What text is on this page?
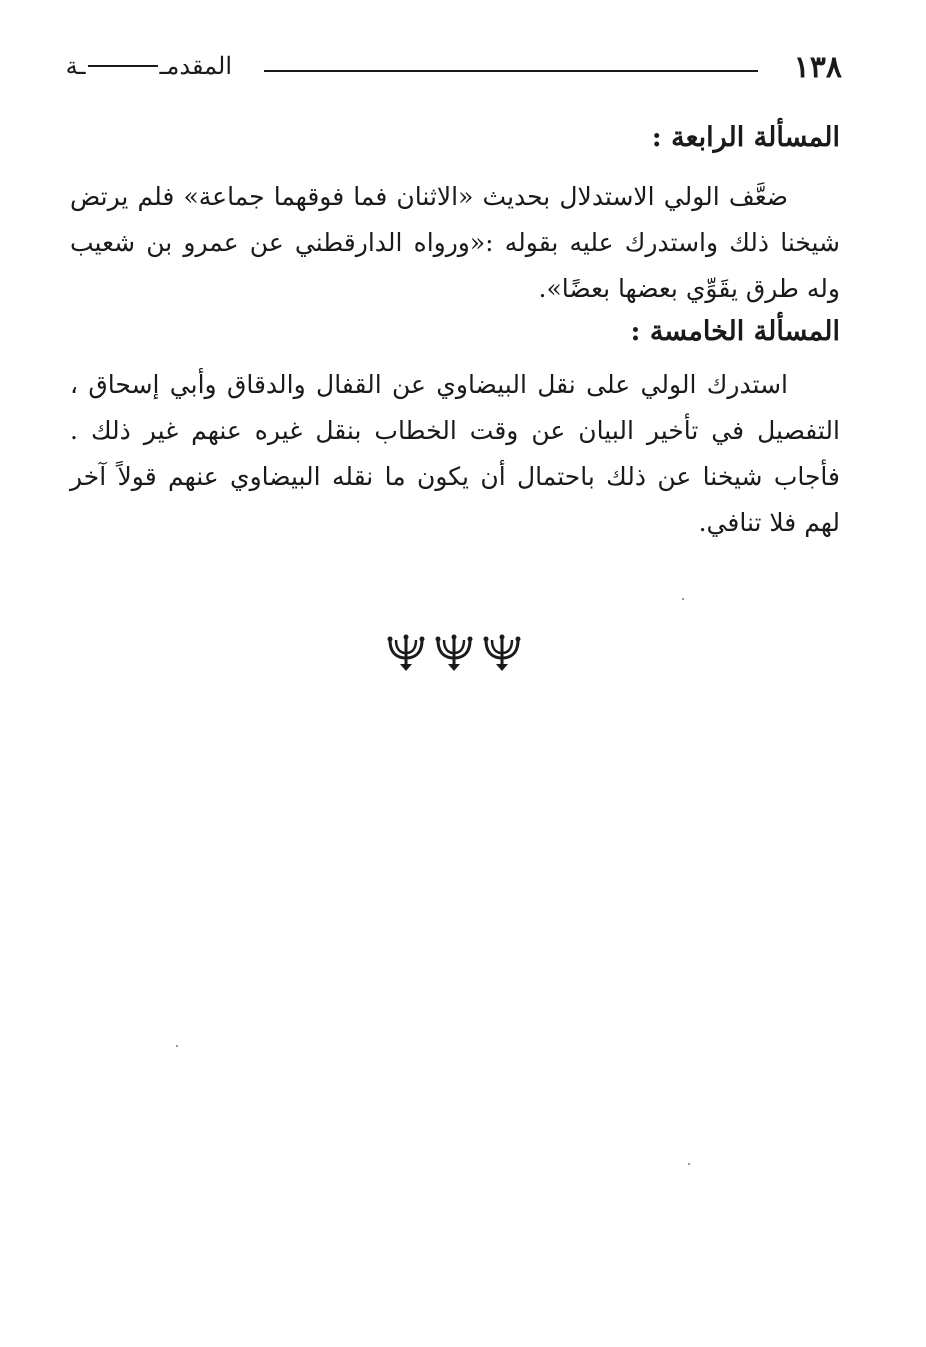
١٣٨
المقدمــة

المسألة الرابعة :

ضعَّف الولي الاستدلال بحديث «الاثنان فما فوقهما جماعة» فلم يرتض شيخنا ذلك واستدرك عليه بقوله :«ورواه الدارقطني عن عمرو بن شعيب وله طرق يقَوِّي بعضها بعضًا».

المسألة الخامسة :

استدرك الولي على نقل البيضاوي عن القفال والدقاق وأبي إسحاق ، التفصيل في تأخير البيان عن وقت الخطاب بنقل غيره عنهم غير ذلك . فأجاب شيخنا عن ذلك باحتمال أن يكون ما نقله البيضاوي عنهم قولاً آخر لهم فلا تنافي.
